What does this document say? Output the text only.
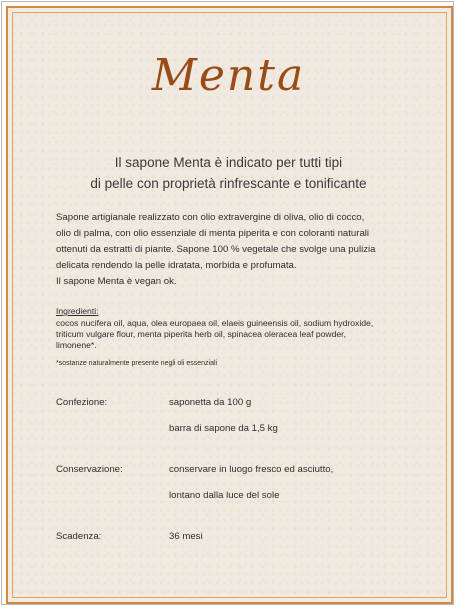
Menta
Il sapone Menta è indicato per tutti tipi
di pelle con proprietà rinfrescante e tonificante
Sapone artigianale realizzato con olio extravergine di oliva, olio di cocco,
olio di palma, con olio essenziale di menta piperita e con coloranti naturali
ottenuti da estratti di piante. Sapone 100 % vegetale che svolge una pulizia
delicata rendendo la pelle idratata, morbida e profumata.
Il sapone Menta è vegan ok.
Ingredienti:
cocos nucifera oil, aqua, olea europaea oil, elaeis guineensis oil, sodium hydroxide,
triticum vulgare flour, menta piperita herb oil, spinacea oleracea leaf powder,
limonene*.
*sostanze naturalmente presente negli oli essenziali
Confezione:	saponetta da 100 g
barra di sapone da 1,5 kg
Conservazione:	conservare in luogo fresco ed asciutto,
lontano dalla luce del sole
Scadenza:	36 mesi
